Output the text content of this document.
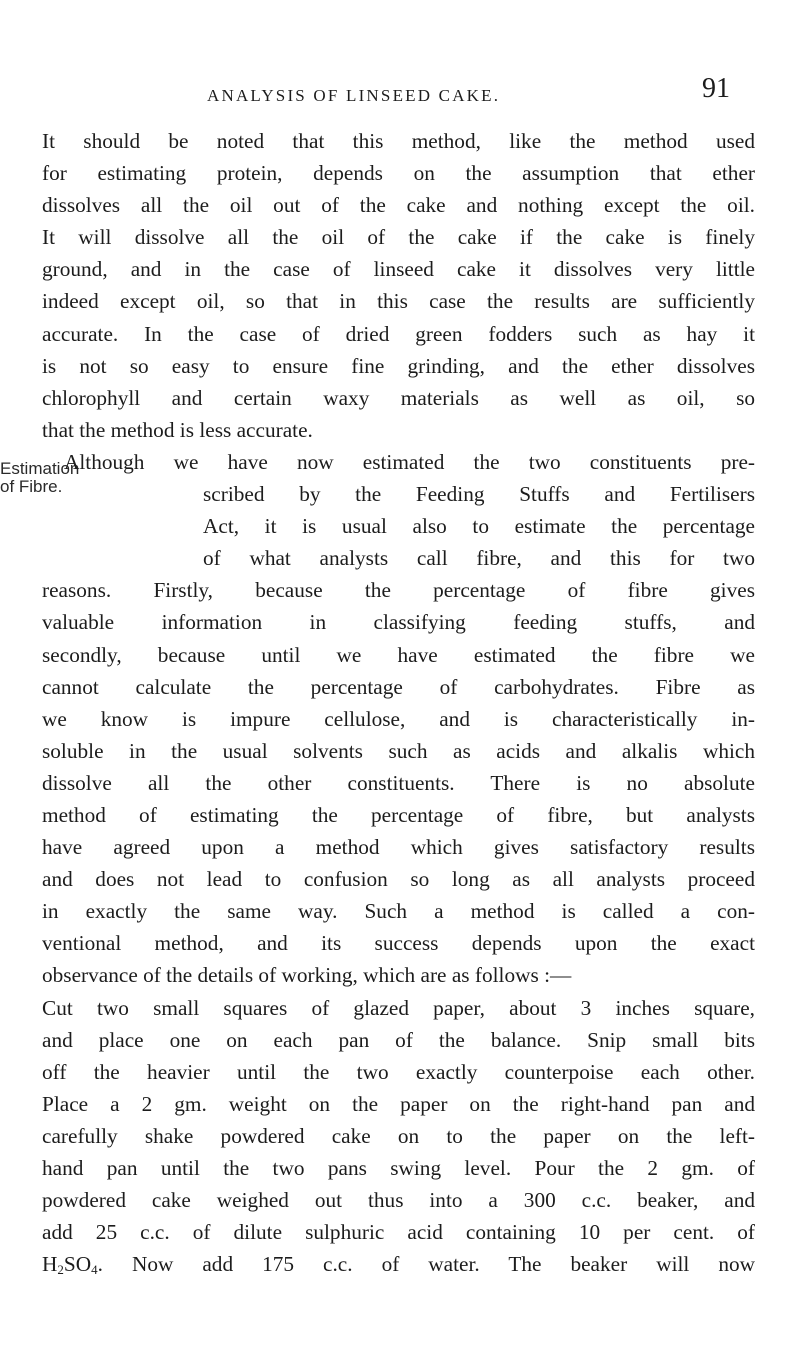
ANALYSIS OF LINSEED CAKE.	91
Estimation
of Fibre.

It should be noted that this method, like the method used
for estimating protein, depends on the assumption that ether
dissolves all the oil out of the cake and nothing except the oil.
It will dissolve all the oil of the cake if the cake is finely
ground, and in the case of linseed cake it dissolves very little
indeed except oil, so that in this case the results are sufficiently
accurate. In the case of dried green fodders such as hay it
is not so easy to ensure fine grinding, and the ether dissolves
chlorophyll and certain waxy materials as well as oil, so
that the method is less accurate.

Although we have now estimated the two constituents pre-
scribed by the Feeding Stuffs and Fertilisers
Act, it is usual also to estimate the percentage
of what analysts call fibre, and this for two
reasons. Firstly, because the percentage of fibre gives
valuable information in classifying feeding stuffs, and
secondly, because until we have estimated the fibre we
cannot calculate the percentage of carbohydrates. Fibre as
we know is impure cellulose, and is characteristically in-
soluble in the usual solvents such as acids and alkalis which
dissolve all the other constituents. There is no absolute
method of estimating the percentage of fibre, but analysts
have agreed upon a method which gives satisfactory results
and does not lead to confusion so long as all analysts proceed
in exactly the same way. Such a method is called a con-
ventional method, and its success depends upon the exact
observance of the details of working, which are as follows :—
Cut two small squares of glazed paper, about 3 inches square,
and place one on each pan of the balance. Snip small bits
off the heavier until the two exactly counterpoise each other.
Place a 2 gm. weight on the paper on the right-hand pan and
carefully shake powdered cake on to the paper on the left-
hand pan until the two pans swing level. Pour the 2 gm. of
powdered cake weighed out thus into a 300 c.c. beaker, and
add 25 c.c. of dilute sulphuric acid containing 10 per cent. of
$H_2SO_4$. Now add 175 c.c. of water. The beaker will now
